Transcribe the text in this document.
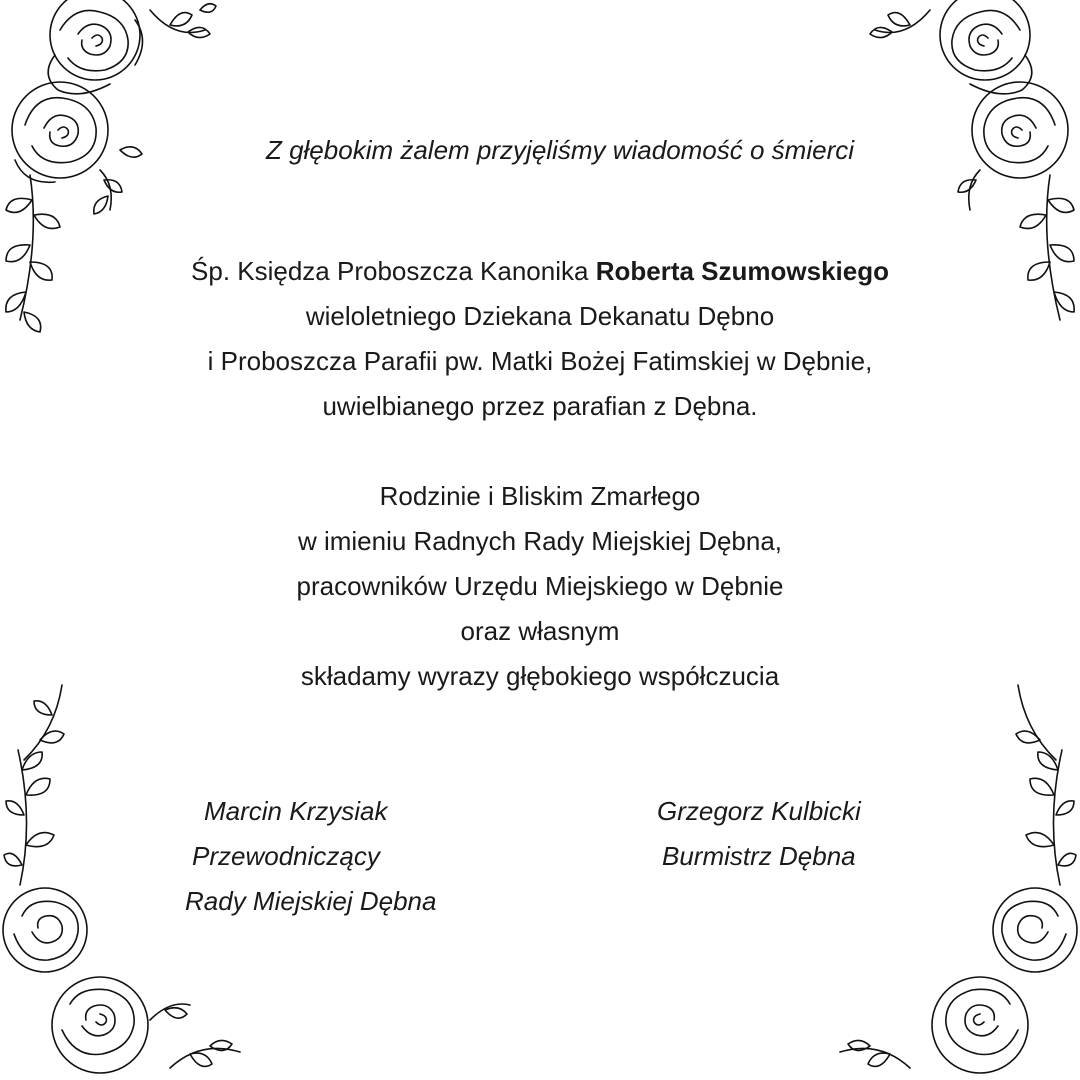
Z głębokim żalem przyjęliśmy wiadomość o śmierci
Śp. Księdza Proboszcza Kanonika Roberta Szumowskiego
wieloletniego Dziekana Dekanatu Dębno
i Proboszcza Parafii pw. Matki Bożej Fatimskiej w Dębnie,
uwielbianego przez parafian z Dębna.
Rodzinie i Bliskim Zmarłego
w imieniu Radnych Rady Miejskiej Dębna,
pracowników Urzędu Miejskiego w Dębnie
oraz własnym
składamy wyrazy głębokiego współczucia
Marcin Krzysiak
Przewodniczący
Rady Miejskiej Dębna
Grzegorz Kulbicki
Burmistrz Dębna
